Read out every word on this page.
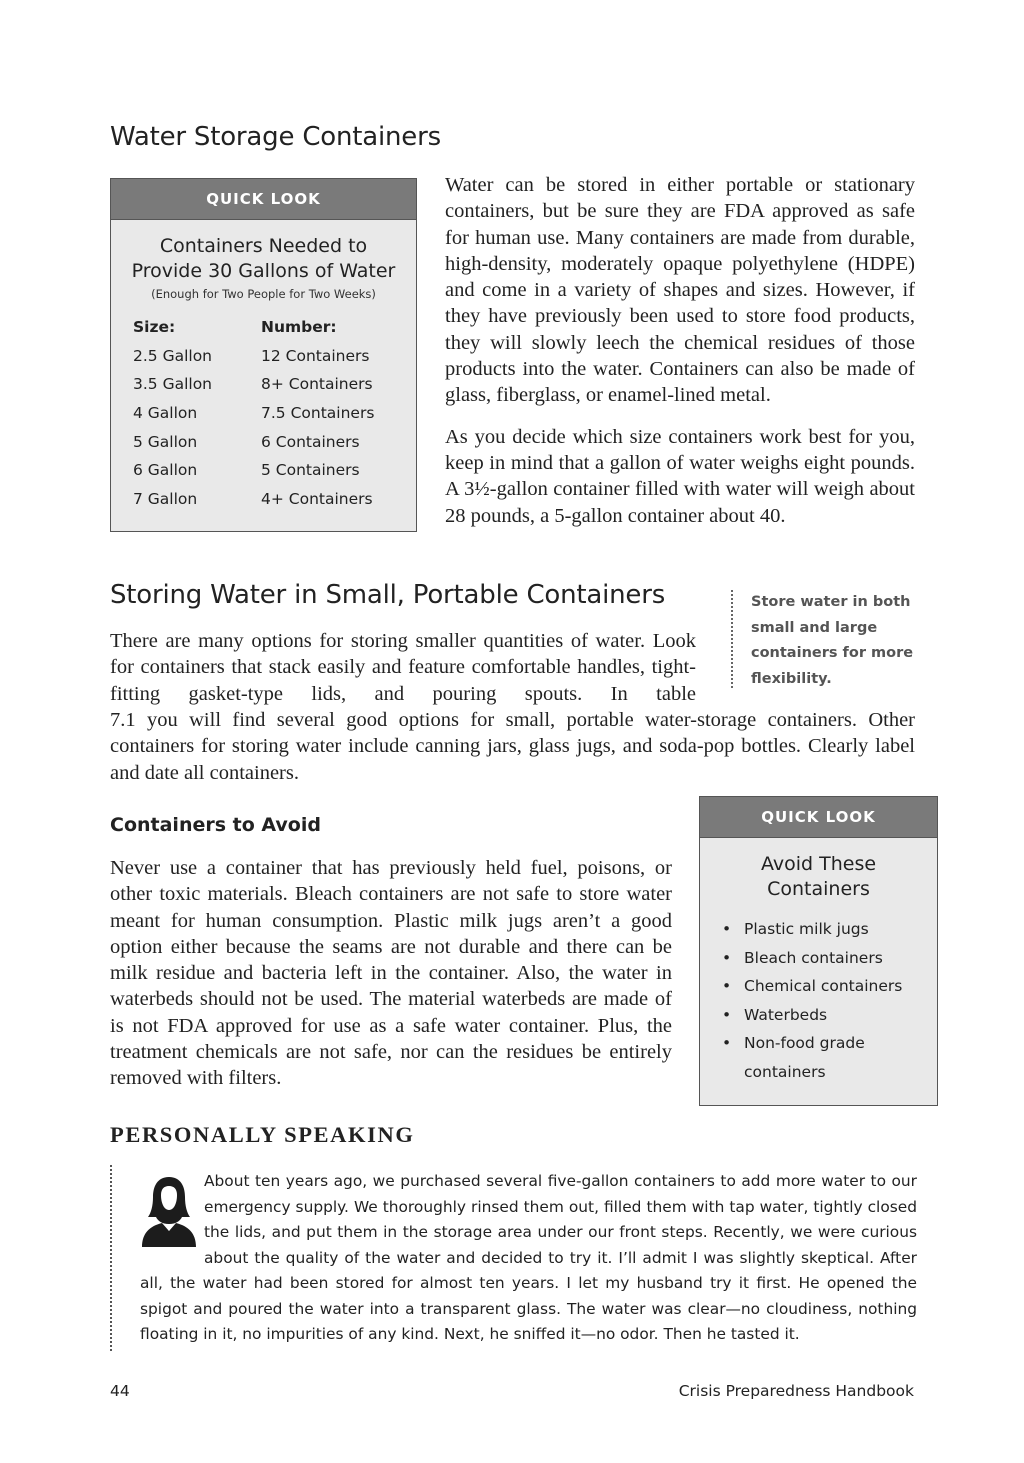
Water Storage Containers
QUICK LOOK
Containers Needed to
Provide 30 Gallons of Water
(Enough for Two People for Two Weeks)
Size:	Number:
2.5 Gallon	12 Containers
3.5 Gallon	8+ Containers
4 Gallon	7.5 Containers
5 Gallon	6 Containers
6 Gallon	5 Containers
7 Gallon	4+ Containers

Water can be stored in either portable or stationary containers, but be sure they are FDA approved as safe for human use. Many containers are made from durable, high-density, moderately opaque polyethylene (HDPE) and come in a variety of shapes and sizes. However, if they have previously been used to store food products, they will slowly leech the chemical residues of those products into the water. Containers can also be made of glass, fiberglass, or enamel-lined metal.

As you decide which size containers work best for you, keep in mind that a gallon of water weighs eight pounds. A 3½-gallon container filled with water will weigh about 28 pounds, a 5-gallon container about 40.

Storing Water in Small, Portable Containers	Store water in both small and large containers for more flexibility.

There are many options for storing smaller quantities of water. Look for containers that stack easily and feature comfortable handles, tight-fitting gasket-type lids, and pouring spouts. In table

7.1 you will find several good options for small, portable water-storage containers. Other containers for storing water include canning jars, glass jugs, and soda-pop bottles. Clearly label and date all containers.

Containers to Avoid

Never use a container that has previously held fuel, poisons, or other toxic materials. Bleach containers are not safe to store water meant for human consumption. Plastic milk jugs aren’t a good option either because the seams are not durable and there can be milk residue and bacteria left in the container. Also, the water in waterbeds should not be used. The material waterbeds are made of is not FDA approved for use as a safe water container. Plus, the treatment chemicals are not safe, nor can the residues be entirely removed with filters.

QUICK LOOK
Avoid These
Containers
• Plastic milk jugs
• Bleach containers
• Chemical containers
• Waterbeds
• Non-food grade containers
PERSONALLY SPEAKING

About ten years ago, we purchased several five-gallon containers to add more water to our emergency supply. We thoroughly rinsed them out, filled them with tap water, tightly closed the lids, and put them in the storage area under our front steps. Recently, we were curious about the quality of the water and decided to try it. I’ll admit I was slightly skeptical. After all, the water had been stored for almost ten years. I let my husband try it first. He opened the spigot and poured the water into a transparent glass. The water was clear—no cloudiness, nothing floating in it, no impurities of any kind. Next, he sniffed it—no odor. Then he tasted it.

44	Crisis Preparedness Handbook
